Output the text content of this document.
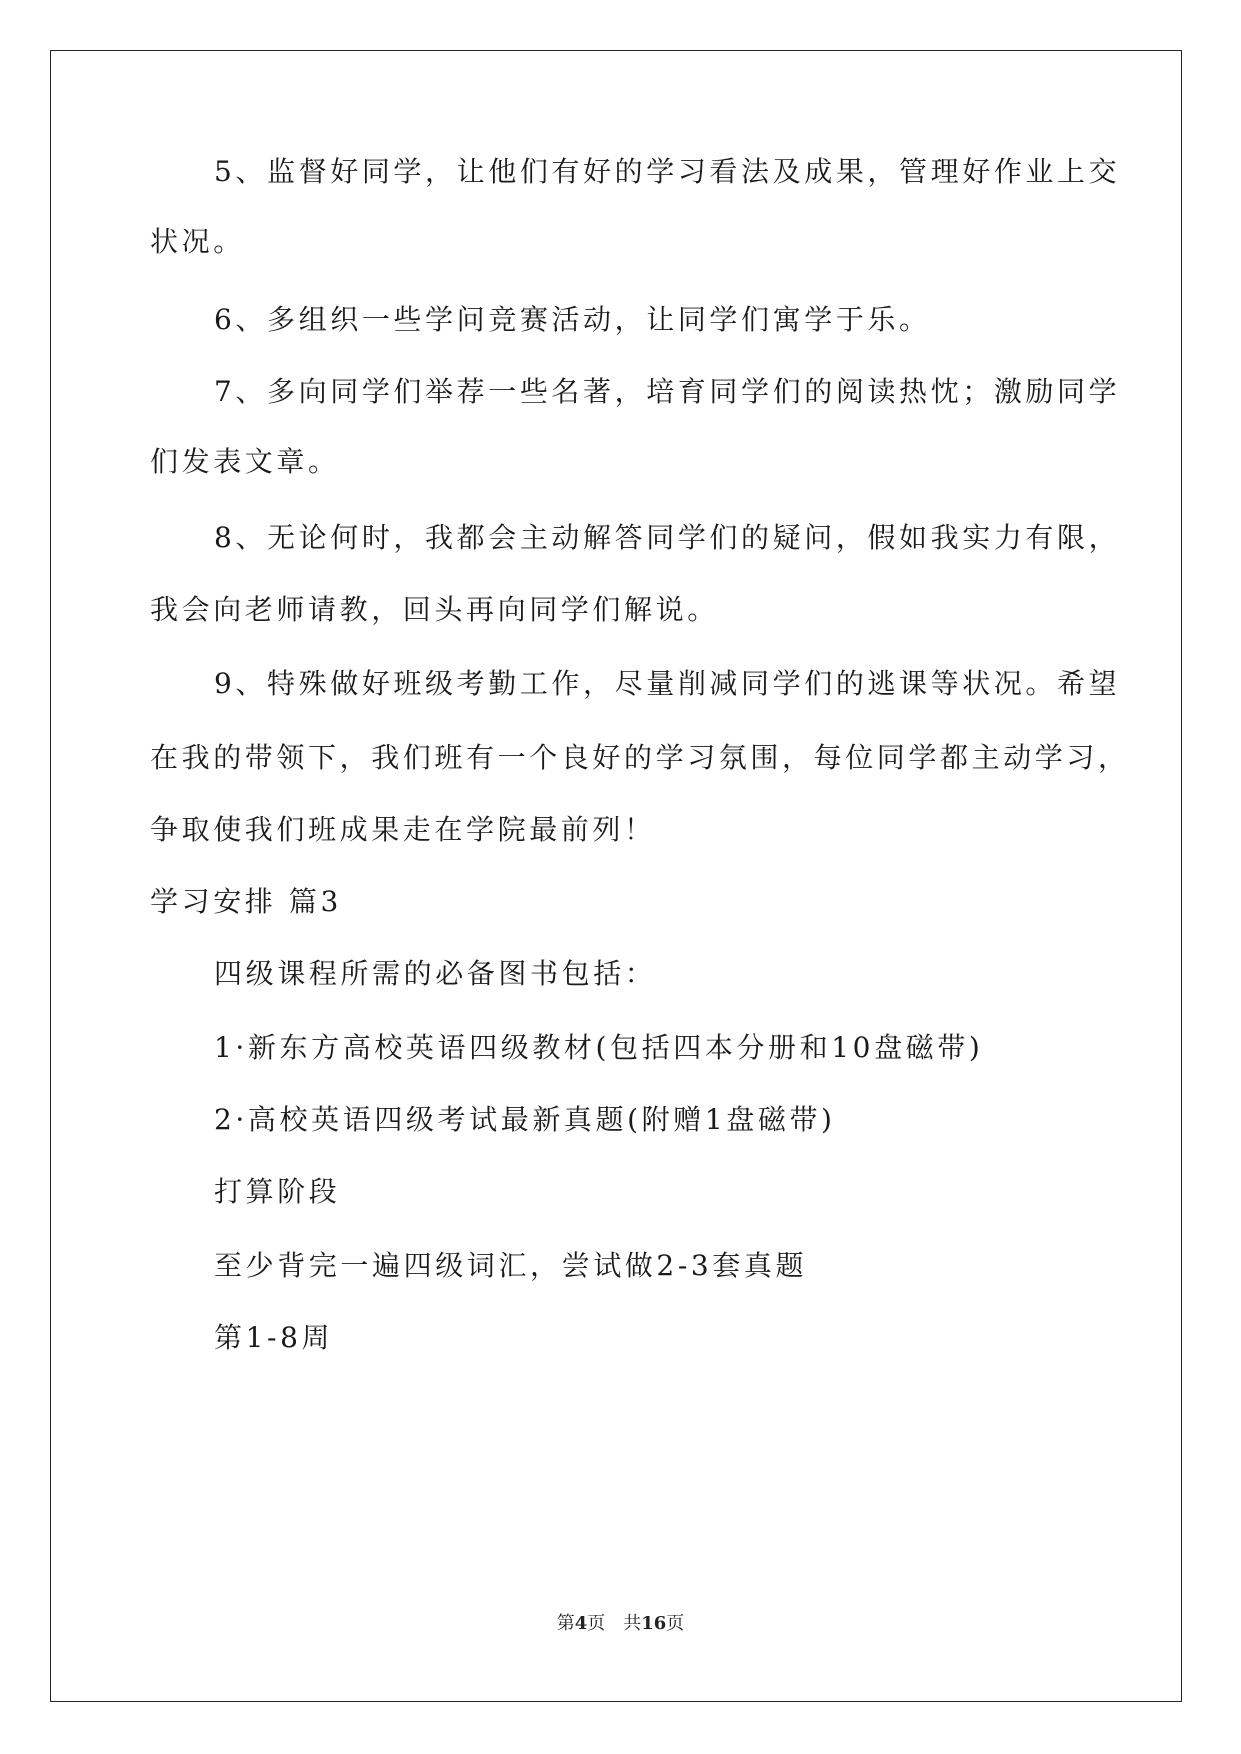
5、监督好同学，让他们有好的学习看法及成果，管理好作业上交
状况。
6、多组织一些学问竞赛活动，让同学们寓学于乐。
7、多向同学们举荐一些名著，培育同学们的阅读热忱；激励同学
们发表文章。
8、无论何时，我都会主动解答同学们的疑问，假如我实力有限，
我会向老师请教，回头再向同学们解说。
9、特殊做好班级考勤工作，尽量削减同学们的逃课等状况。希望
在我的带领下，我们班有一个良好的学习氛围，每位同学都主动学习，
争取使我们班成果走在学院最前列！
学习安排 篇3
四级课程所需的必备图书包括：
1·新东方高校英语四级教材(包括四本分册和10盘磁带)
2·高校英语四级考试最新真题(附赠1盘磁带)
打算阶段
至少背完一遍四级词汇，尝试做2-3套真题
第1-8周
第4页 共16页
